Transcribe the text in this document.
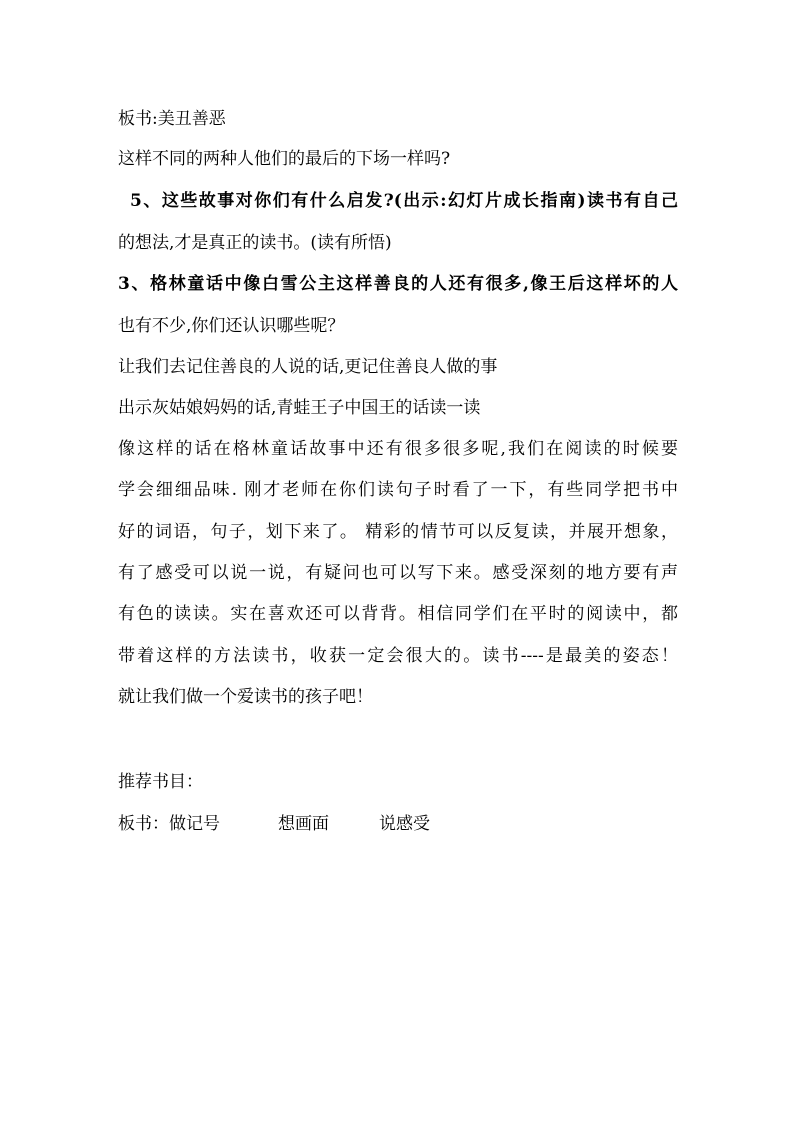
板书:美丑善恶
这样不同的两种人他们的最后的下场一样吗?
5、这些故事对你们有什么启发?(出示:幻灯片成长指南)读书有自己
的想法,才是真正的读书。(读有所悟)
3、格林童话中像白雪公主这样善良的人还有很多,像王后这样坏的人
也有不少,你们还认识哪些呢？
让我们去记住善良的人说的话,更记住善良人做的事
出示灰姑娘妈妈的话,青蛙王子中国王的话读一读
像这样的话在格林童话故事中还有很多很多呢,我们在阅读的时候要
学会细细品味. 刚才老师在你们读句子时看了一下，有些同学把书中
好的词语，句子，划下来了。 精彩的情节可以反复读，并展开想象，
有了感受可以说一说，有疑问也可以写下来。感受深刻的地方要有声
有色的读读。实在喜欢还可以背背。相信同学们在平时的阅读中，都
带着这样的方法读书，收获一定会很大的。读书----是最美的姿态！
就让我们做一个爱读书的孩子吧！
推荐书目：
板书：做记号	想画面	说感受
